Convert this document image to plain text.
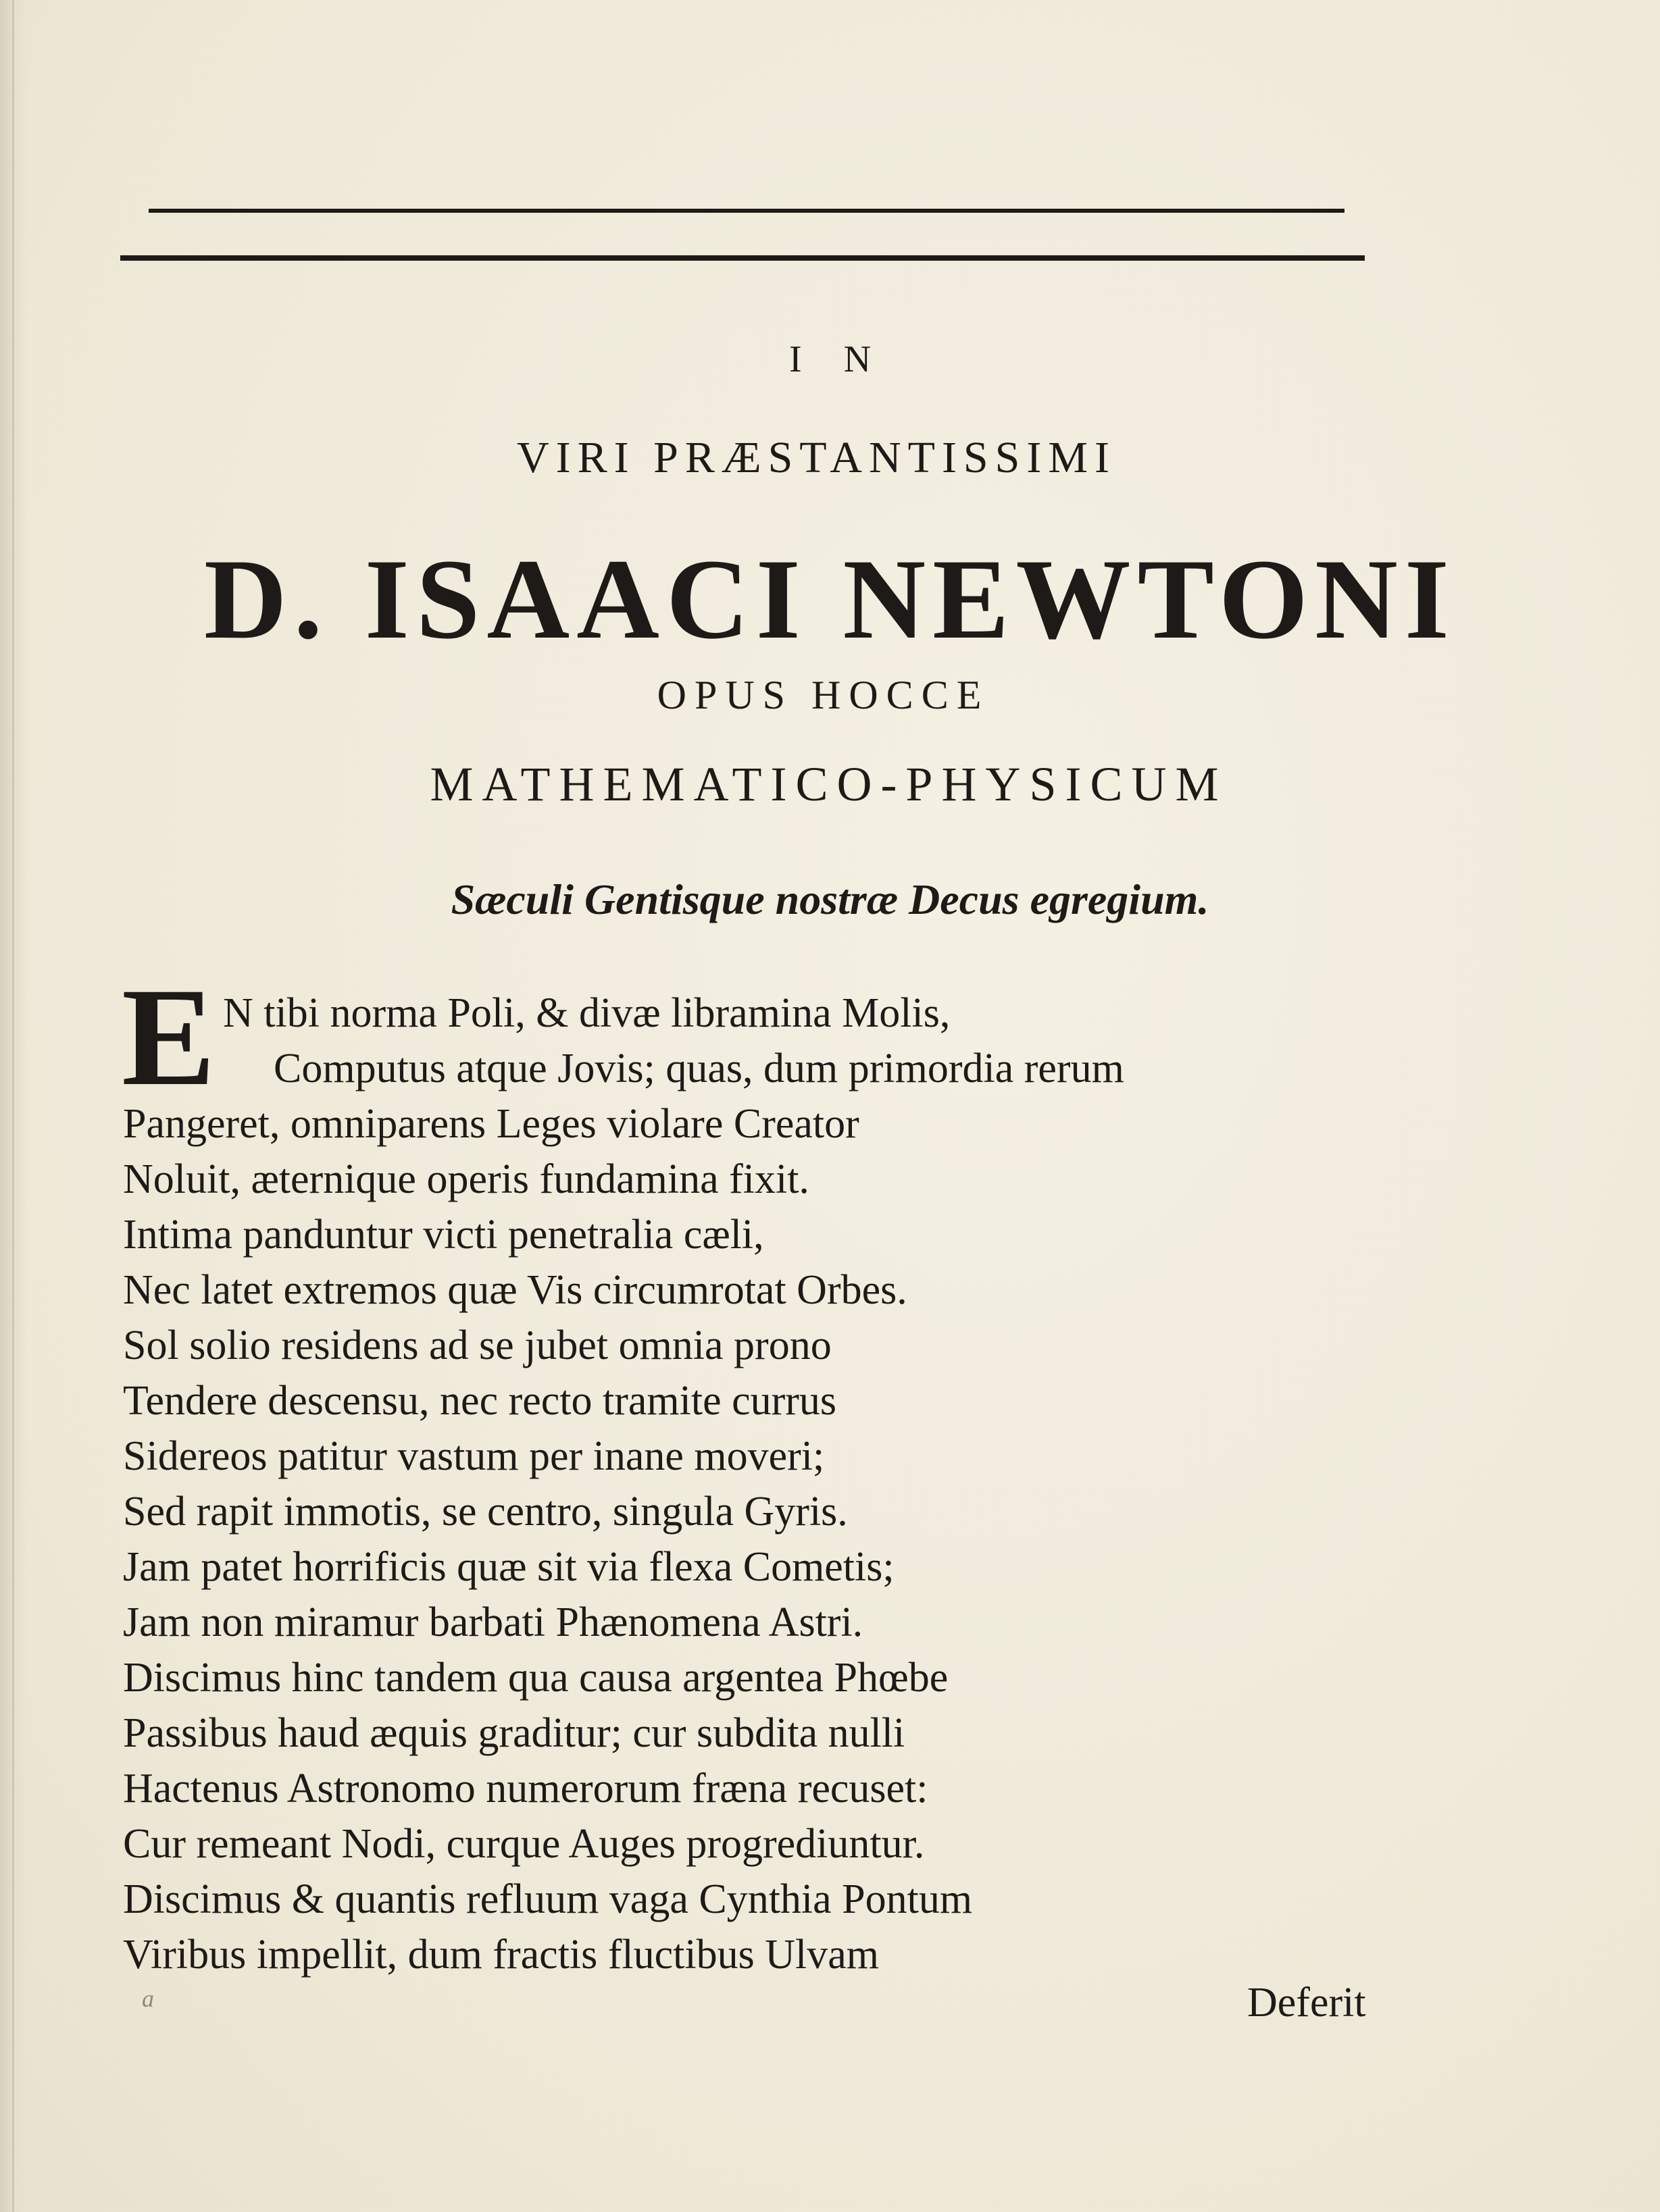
I N
VIRI PRÆSTANTISSIMI
D. ISAACI NEWTONI
OPUS HOCCE
MATHEMATICO-PHYSICUM
Sæculi Gentisque nostræ Decus egregium.
E N tibi norma Poli, & divæ libramina Molis,
Computus atque Jovis; quas, dum primordia rerum
Pangeret, omniparens Leges violare Creator
Noluit, æternique operis fundamina fixit.
Intima panduntur victi penetralia cæli,
Nec latet extremos quæ Vis circumrotat Orbes.
Sol solio residens ad se jubet omnia prono
Tendere descensu, nec recto tramite currus
Sidereos patitur vastum per inane moveri;
Sed rapit immotis, se centro, singula Gyris.
Jam patet horrificis quæ sit via flexa Cometis;
Jam non miramur barbati Phænomena Astri.
Discimus hinc tandem qua causa argentea Phœbe
Passibus haud æquis graditur; cur subdita nulli
Hactenus Astronomo numerorum fræna recuset:
Cur remeant Nodi, curque Auges progrediuntur.
Discimus & quantis refluum vaga Cynthia Pontum
Viribus impellit, dum fractis fluctibus Ulvam
a	Deferit
